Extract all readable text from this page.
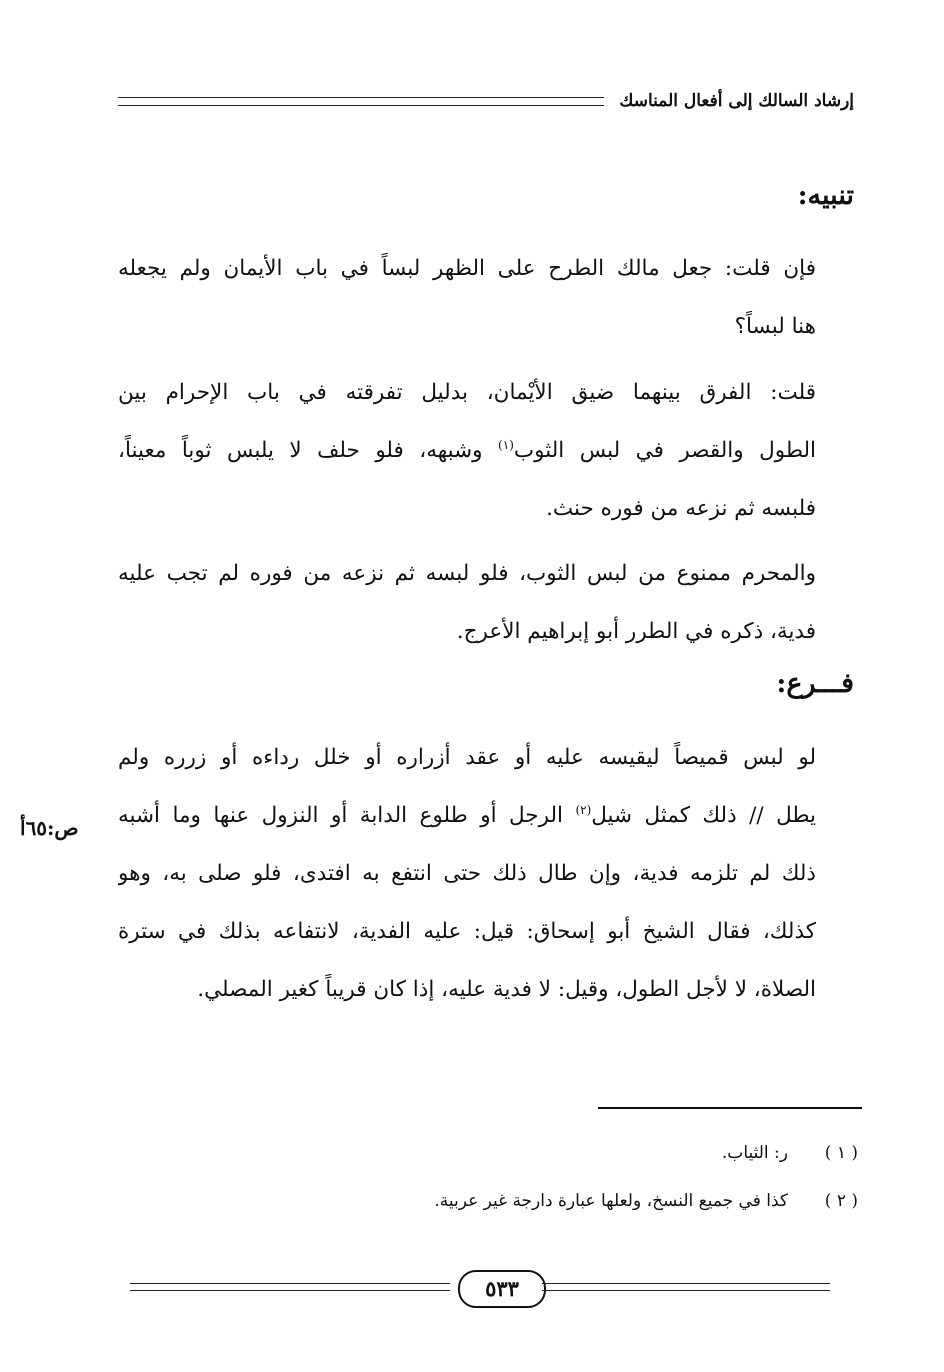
إرشاد السالك إلى أفعال المناسك
تنبيه:
فإن قلت: جعل مالك الطرح على الظهر لبساً في باب الأيمان ولم يجعله
هنا لبساً؟
قلت: الفرق بينهما ضيق الأيْمان، بدليل تفرقته في باب الإحرام بين
الطول والقصر في لبس الثوب$^{(١)}$ وشبهه، فلو حلف لا يلبس ثوباً معيناً،
فلبسه ثم نزعه من فوره حنث.
والمحرم ممنوع من لبس الثوب، فلو لبسه ثم نزعه من فوره لم تجب عليه
فدية، ذكره في الطرر أبو إبراهيم الأعرج.
فـــرع:
لو لبس قميصاً ليقيسه عليه أو عقد أزراره أو خلل رداءه أو زرره ولم
يطل // ذلك كمثل شيل$^{(٢)}$ الرجل أو طلوع الدابة أو النزول عنها وما أشبه
ذلك لم تلزمه فدية، وإن طال ذلك حتى انتفع به افتدى، فلو صلى به، وهو
كذلك، فقال الشيخ أبو إسحاق: قيل: عليه الفدية، لانتفاعه بذلك في سترة
الصلاة، لا لأجل الطول، وقيل: لا فدية عليه، إذا كان قريباً كغير المصلي.
ص:٦٥أ
( ١ )ر: الثياب.
( ٢ )كذا في جميع النسخ، ولعلها عبارة دارجة غير عربية.
٥٣٣
